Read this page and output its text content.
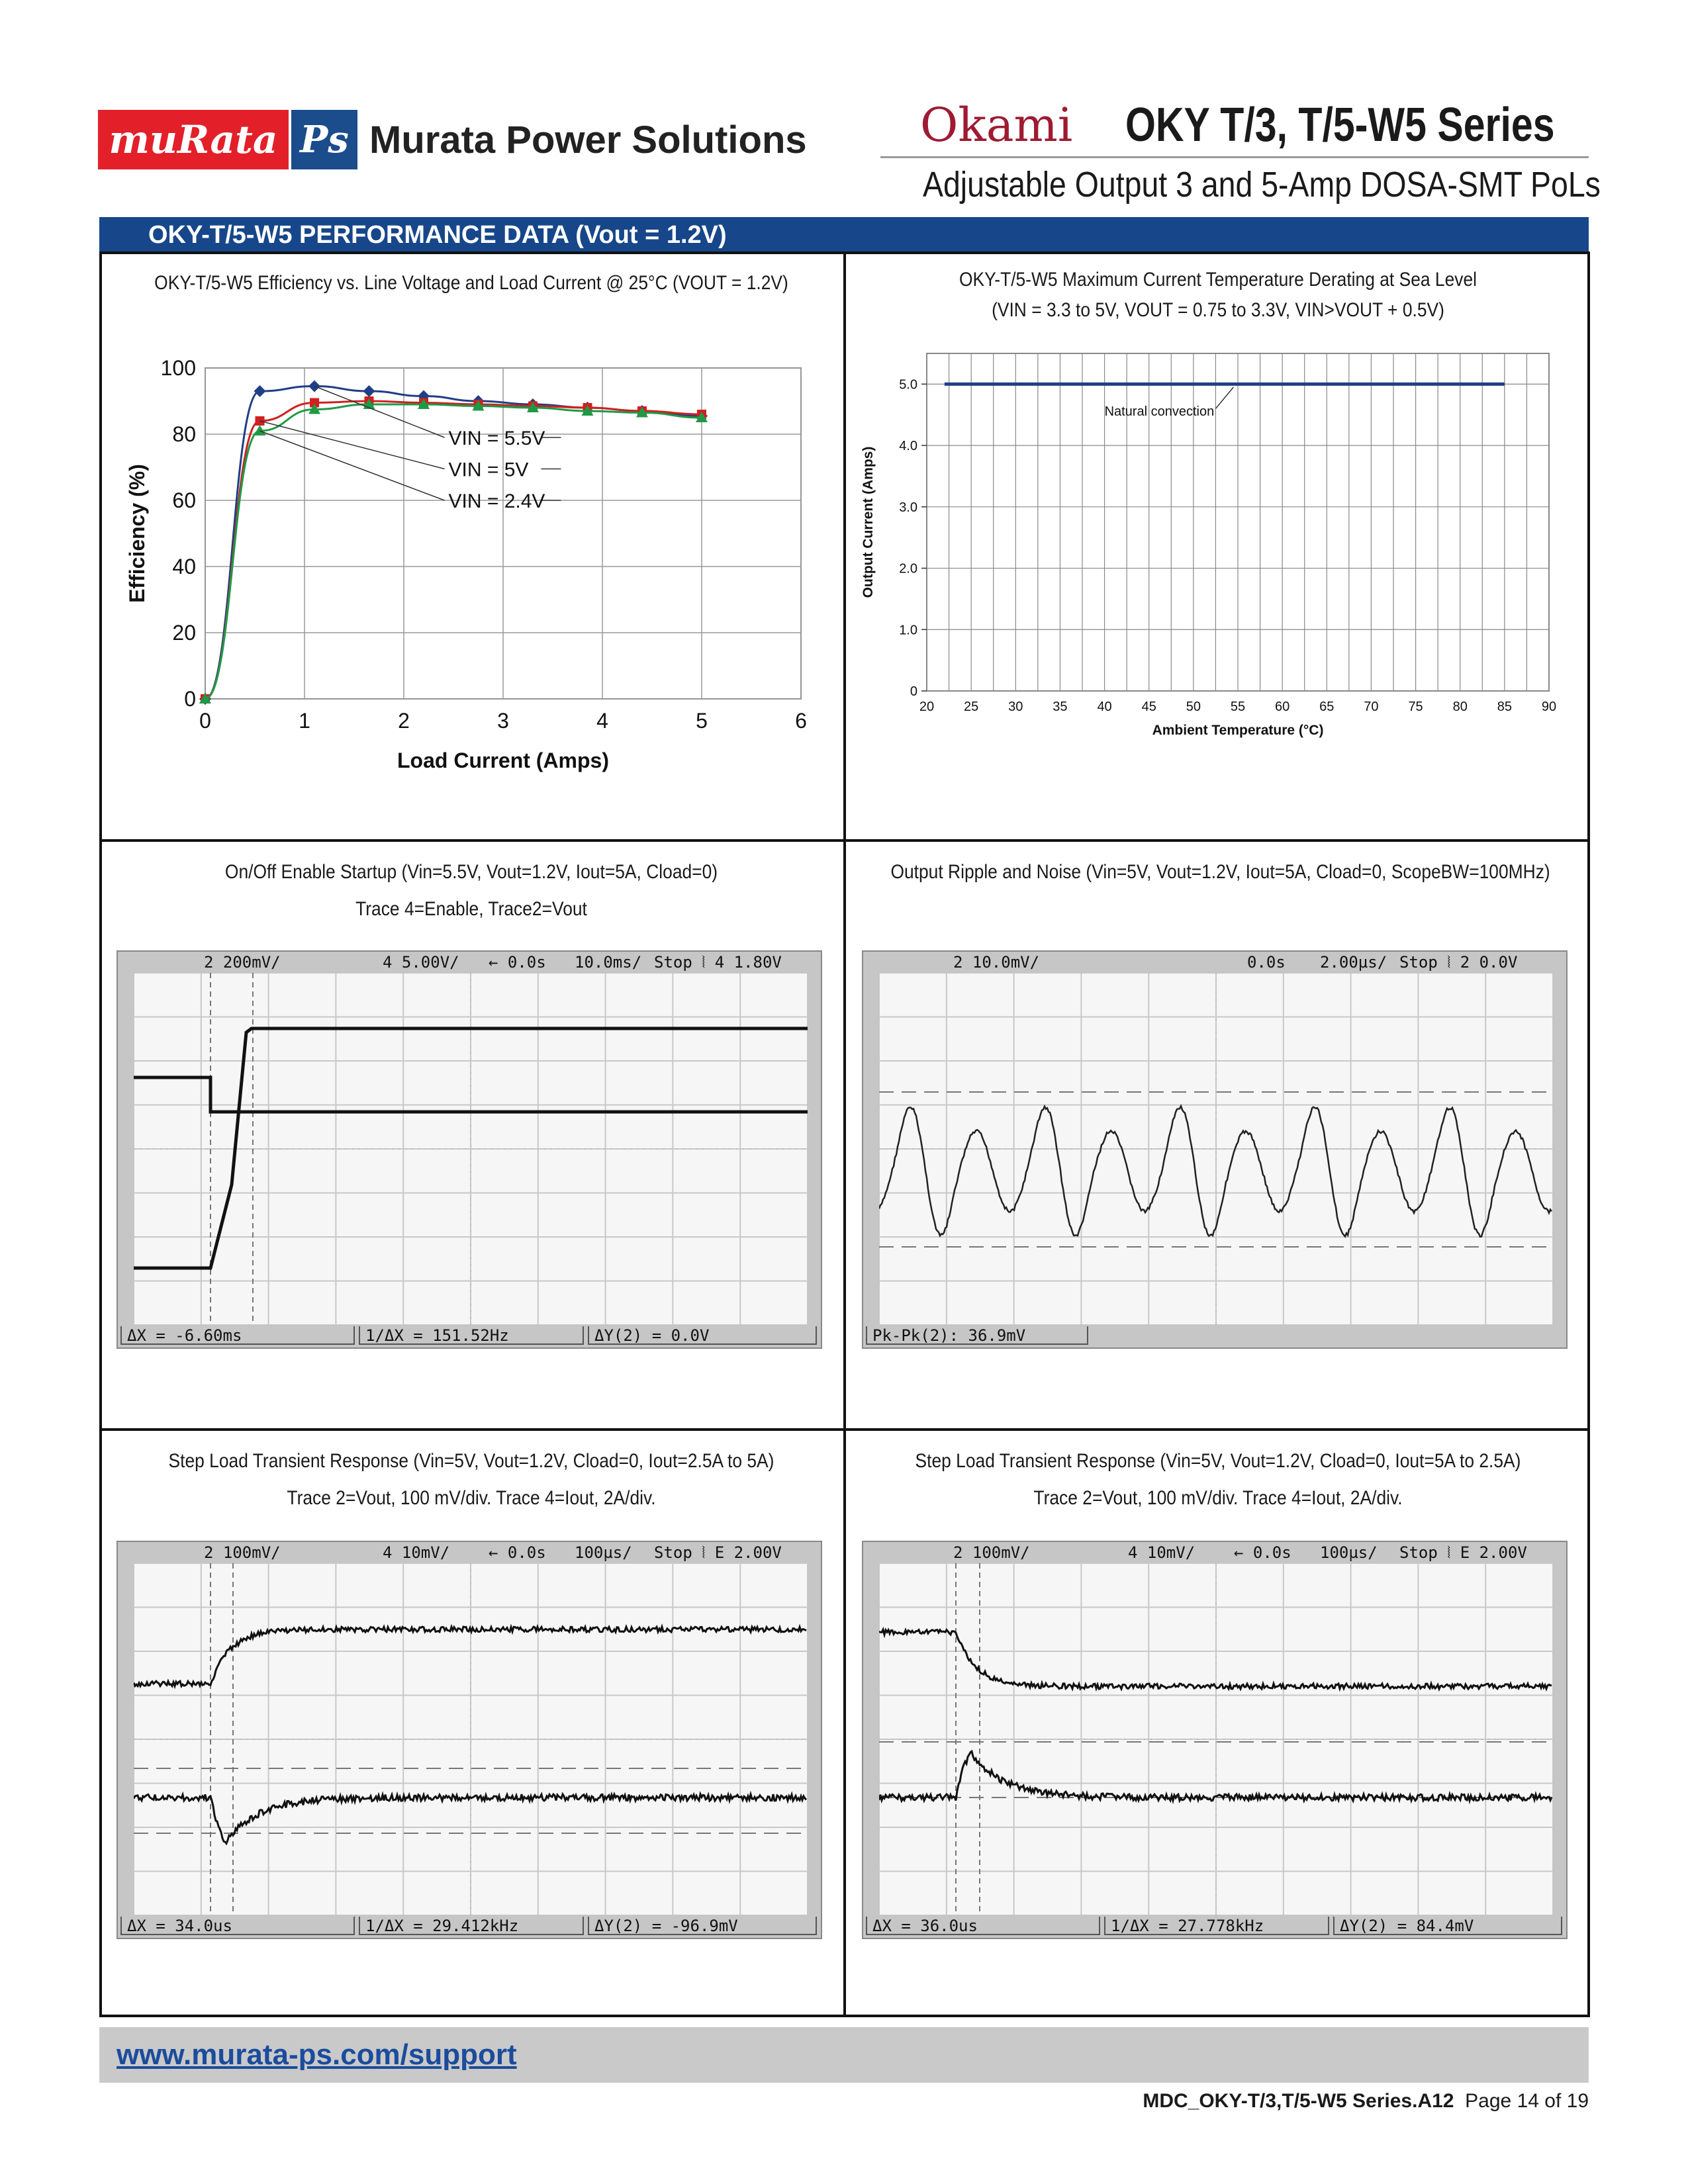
muRata Ps Murata Power Solutions Okami OKY T/3, T/5-W5 Series
Adjustable Output 3 and 5-Amp DOSA-SMT PoLs
OKY-T/5-W5 PERFORMANCE DATA (Vout = 1.2V)
OKY-T/5-W5 Efficiency vs. Line Voltage and Load Current @ 25°C (VOUT = 1.2V)
0	1	2	3	4	5	6
0
20
40
60
80
100
Load Current (Amps)
Efficiency (%)
VIN = 5.5V
VIN = 5V
VIN = 2.4V
OKY-T/5-W5 Maximum Current Temperature Derating at Sea Level
(VIN = 3.3 to 5V, VOUT = 0.75 to 3.3V, VIN>VOUT + 0.5V)
20 25 30 35 40 45 50 55 60 65 70 75 80 85 90
0
1.0
2.0
3.0
4.0
5.0
Ambient Temperature (°C)
Output Current (Amps)
Natural convection
On/Off Enable Startup (Vin=5.5V, Vout=1.2V, Iout=5A, Cload=0)
Trace 4=Enable, Trace2=Vout

2 200mV/

	4 5.00V/

← 0.0s

10.0ms/

Stop ⦚ 4 1.80V

ΔX = -6.60ms	1/ΔX = 151.52Hz	ΔY(2) = 0.0V
Output Ripple and Noise (Vin=5V, Vout=1.2V, Iout=5A, Cload=0, ScopeBW=100MHz)

2 10.0mV/

	0.0s

2.00µs/

Stop ⦚ 2 0.0V

Pk-Pk(2): 36.9mV
Step Load Transient Response (Vin=5V, Vout=1.2V, Cload=0, Iout=2.5A to 5A)
Trace 2=Vout, 100 mV/div. Trace 4=Iout, 2A/div.

2 100mV/

	4 10mV/

← 0.0s

100µs/

Stop ⦚ E 2.00V

ΔX = 34.0us	1/ΔX = 29.412kHz	ΔY(2) = -96.9mV
Step Load Transient Response (Vin=5V, Vout=1.2V, Cload=0, Iout=5A to 2.5A)
Trace 2=Vout, 100 mV/div. Trace 4=Iout, 2A/div.

2 100mV/

	4 10mV/

← 0.0s

100µs/

Stop ⦚ E 2.00V

ΔX = 36.0us	1/ΔX = 27.778kHz	ΔY(2) = 84.4mV
www.murata-ps.com/support
MDC_OKY-T/3,T/5-W5 Series.A12 Page 14 of 19
